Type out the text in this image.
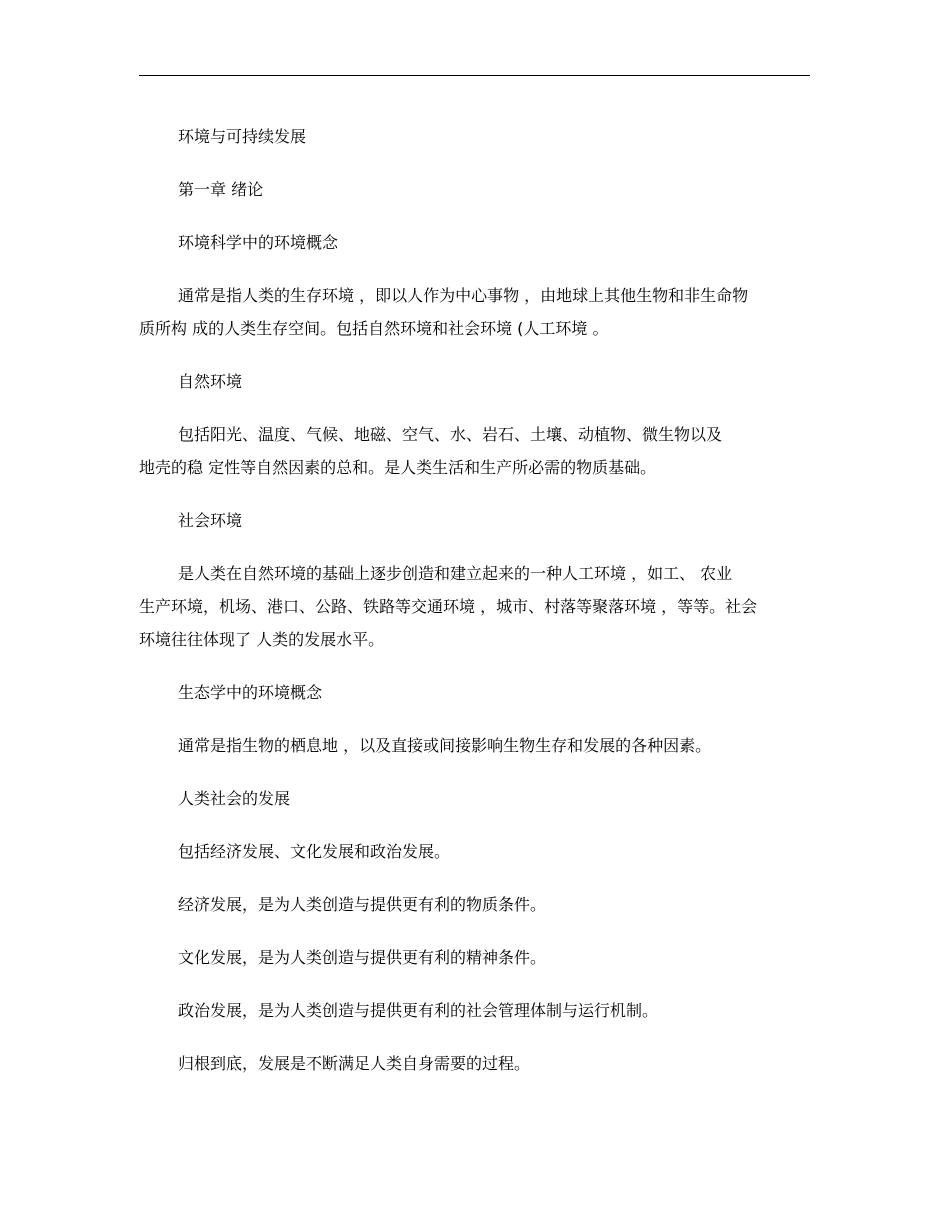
环境与可持续发展

第一章 绪论

环境科学中的环境概念

通常是指人类的生存环境 ，即以人作为中心事物 ，由地球上其他生物和非生命物

质所构 成的人类生存空间。包括自然环境和社会环境 (人工环境 。

自然环境

包括阳光、温度、气候、地磁、空气、水、岩石、土壤、动植物、微生物以及

地壳的稳 定性等自然因素的总和。是人类生活和生产所必需的物质基础。

社会环境

是人类在自然环境的基础上逐步创造和建立起来的一种人工环境 ，如工、 农业

生产环境，机场、港口、公路、铁路等交通环境 ，城市、村落等聚落环境 ，等等。社会

环境往往体现了 人类的发展水平。

生态学中的环境概念

通常是指生物的栖息地 ，以及直接或间接影响生物生存和发展的各种因素。

人类社会的发展

包括经济发展、文化发展和政治发展。

经济发展，是为人类创造与提供更有利的物质条件。

文化发展，是为人类创造与提供更有利的精神条件。

政治发展，是为人类创造与提供更有利的社会管理体制与运行机制。

归根到底，发展是不断满足人类自身需要的过程。
